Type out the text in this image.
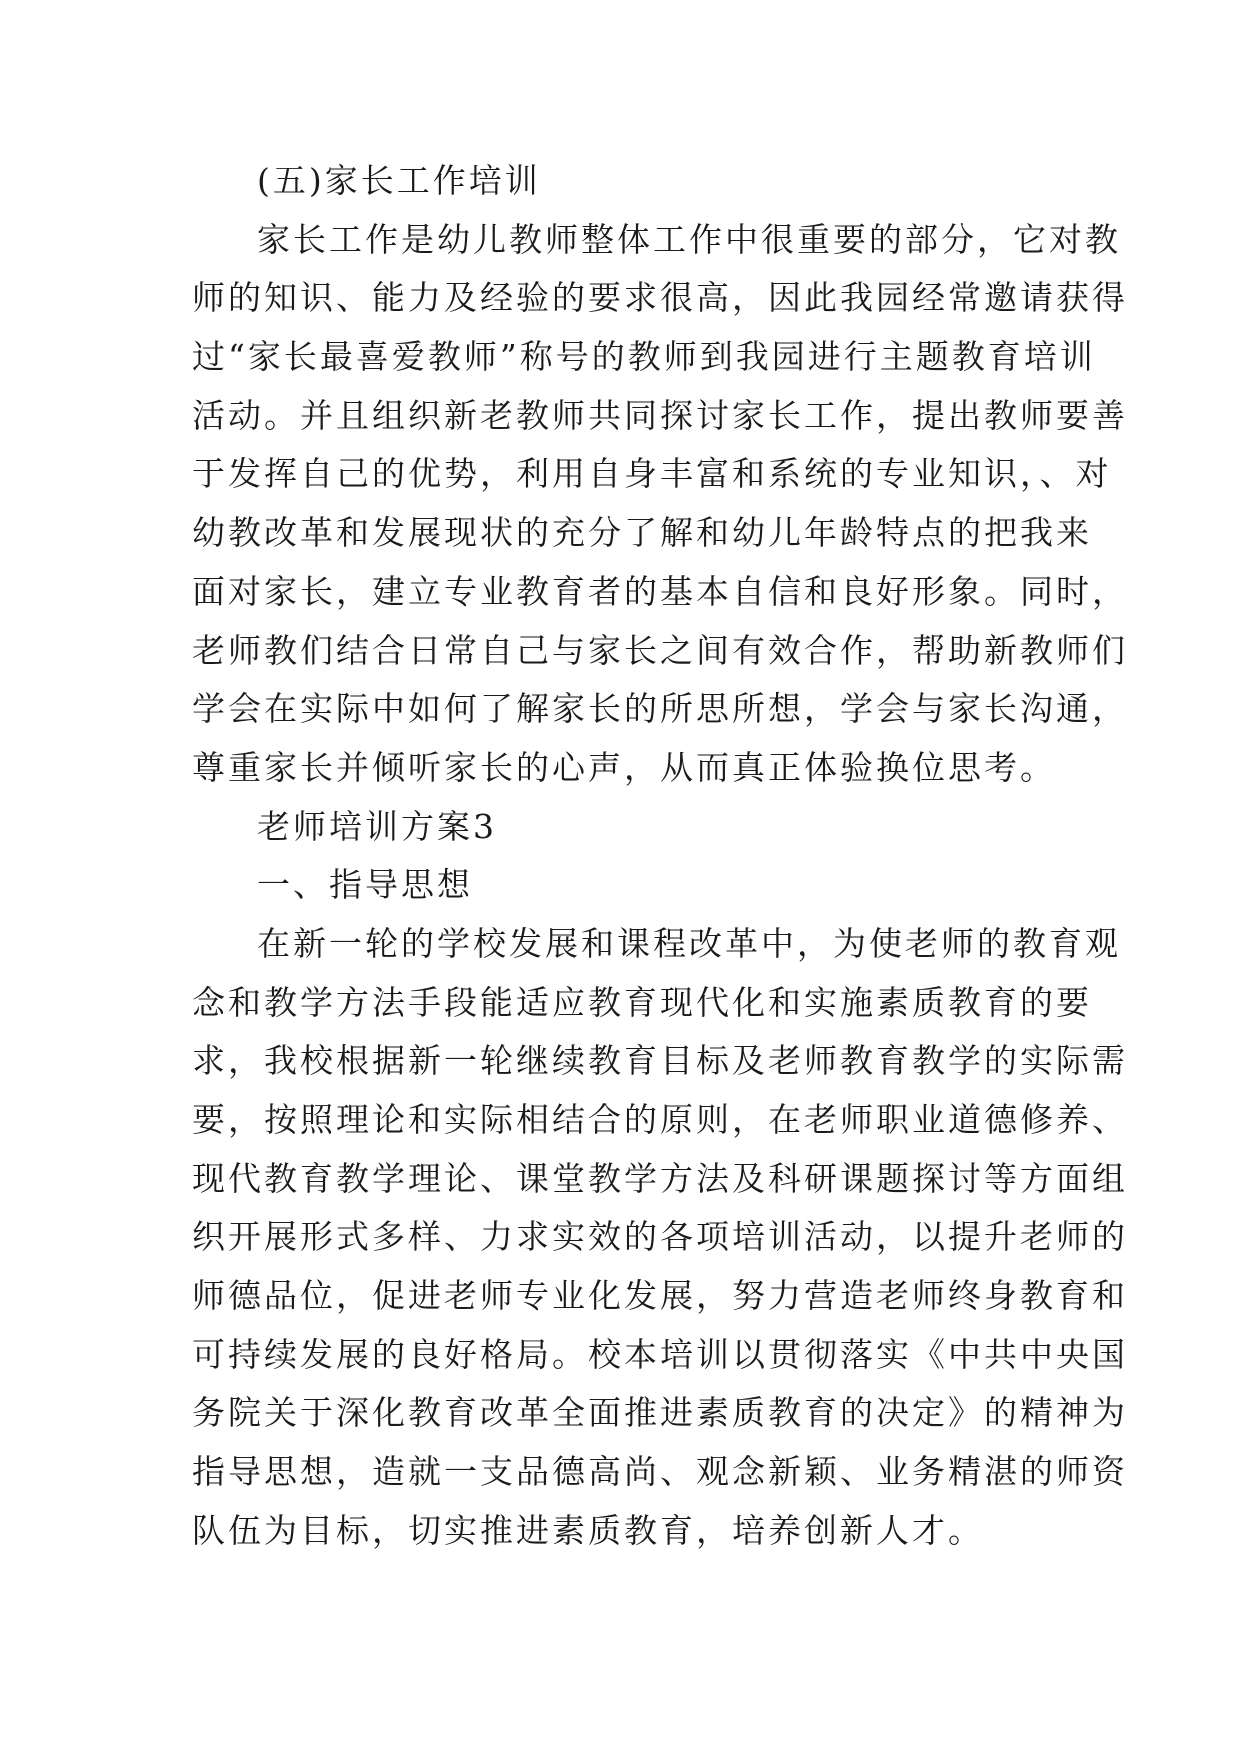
(五)家长工作培训
家长工作是幼儿教师整体工作中很重要的部分，它对教
师的知识、能力及经验的要求很高，因此我园经常邀请获得
过“家长最喜爱教师”称号的教师到我园进行主题教育培训
活动。并且组织新老教师共同探讨家长工作，提出教师要善
于发挥自己的优势，利用自身丰富和系统的专业知识，、对
幼教改革和发展现状的充分了解和幼儿年龄特点的把我来
面对家长，建立专业教育者的基本自信和良好形象。同时，
老师教们结合日常自己与家长之间有效合作，帮助新教师们
学会在实际中如何了解家长的所思所想，学会与家长沟通，
尊重家长并倾听家长的心声，从而真正体验换位思考。
老师培训方案3
一、指导思想
在新一轮的学校发展和课程改革中，为使老师的教育观
念和教学方法手段能适应教育现代化和实施素质教育的要
求，我校根据新一轮继续教育目标及老师教育教学的实际需
要，按照理论和实际相结合的原则，在老师职业道德修养、
现代教育教学理论、课堂教学方法及科研课题探讨等方面组
织开展形式多样、力求实效的各项培训活动，以提升老师的
师德品位，促进老师专业化发展，努力营造老师终身教育和
可持续发展的良好格局。校本培训以贯彻落实《中共中央国
务院关于深化教育改革全面推进素质教育的决定》的精神为
指导思想，造就一支品德高尚、观念新颖、业务精湛的师资
队伍为目标，切实推进素质教育，培养创新人才。
